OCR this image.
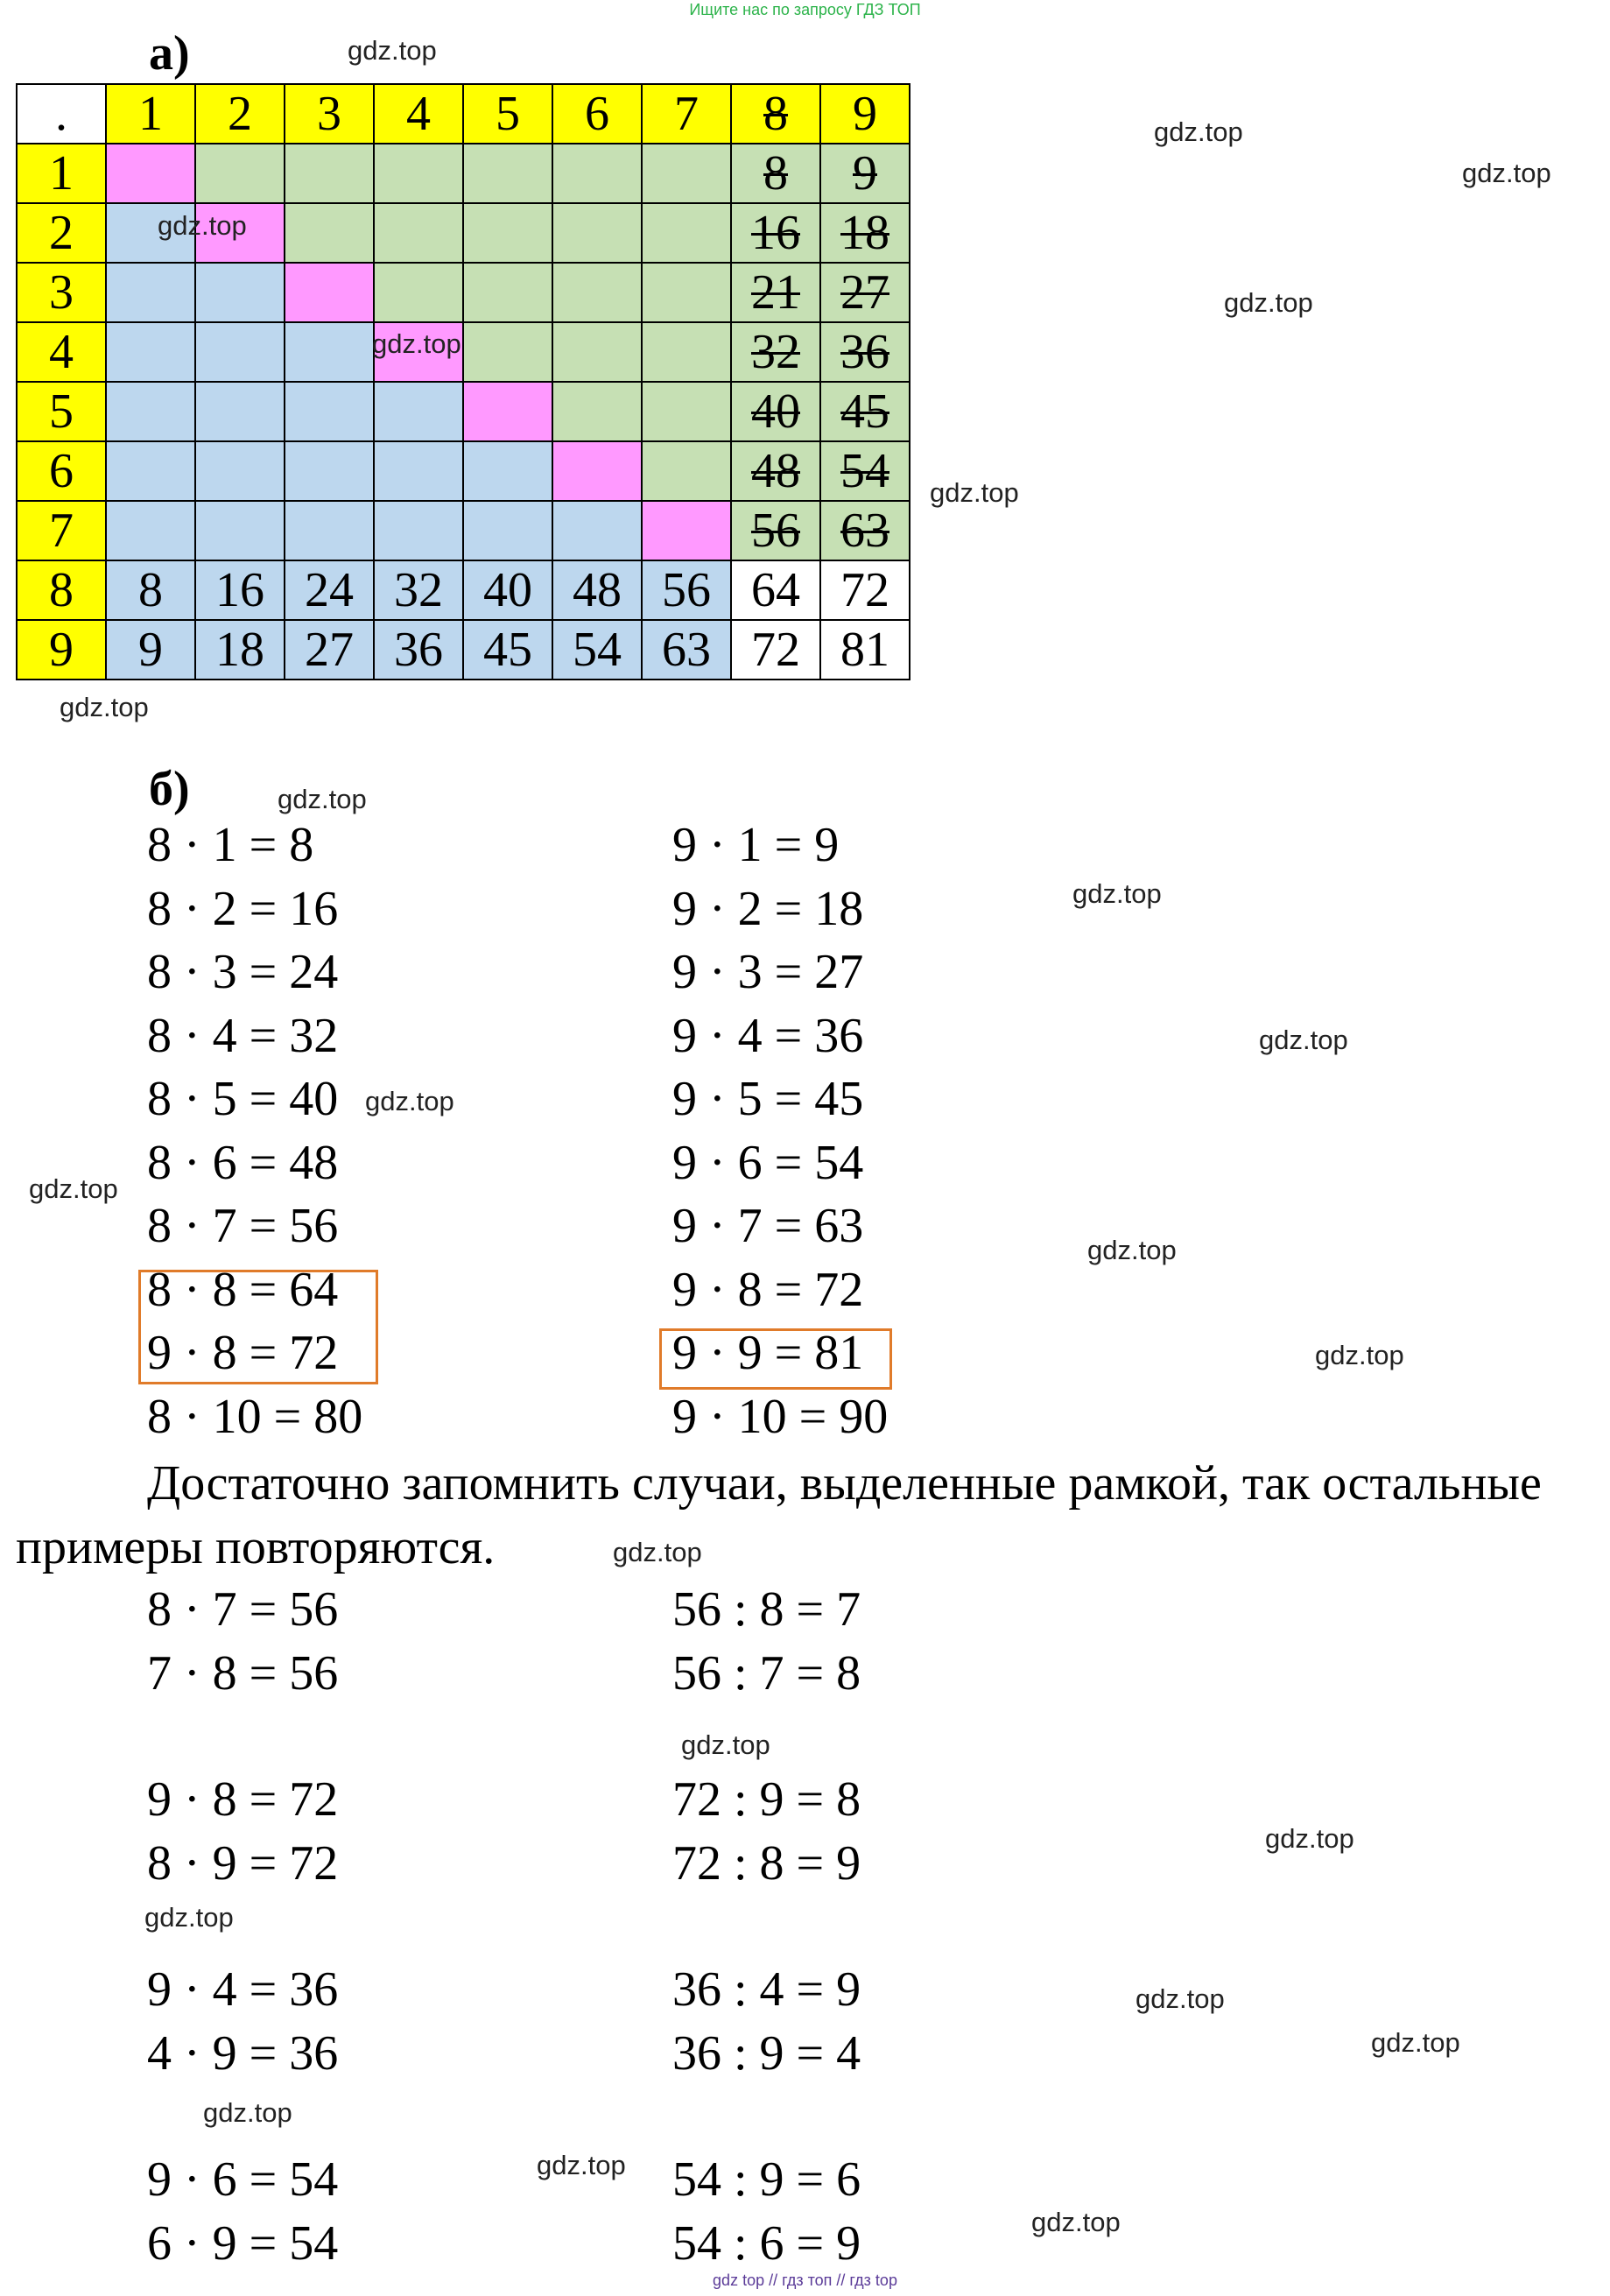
Ищите нас по запросу ГДЗ ТОП
а)
.	1	2	3	4	5	6	7	8	9
1								8	9
2								16	18
3								21	27
4								32	36
5								40	45
6								48	54
7								56	63
8	8	16	24	32	40	48	56	64	72
9	9	18	27	36	45	54	63	72	81
б)
8 · 1 = 8
8 · 2 = 16
8 · 3 = 24
8 · 4 = 32
8 · 5 = 40
8 · 6 = 48
8 · 7 = 56
8 · 8 = 64
9 · 8 = 72
8 · 10 = 80
9 · 1 = 9
9 · 2 = 18
9 · 3 = 27
9 · 4 = 36
9 · 5 = 45
9 · 6 = 54
9 · 7 = 63
9 · 8 = 72
9 · 9 = 81
9 · 10 = 90
Достаточно запомнить случаи, выделенные рамкой, так остальные
примеры повторяются.
8 · 7 = 56
7 · 8 = 56
56 : 8 = 7
56 : 7 = 8
9 · 8 = 72
8 · 9 = 72
72 : 9 = 8
72 : 8 = 9
9 · 4 = 36
4 · 9 = 36
36 : 4 = 9
36 : 9 = 4
9 · 6 = 54
6 · 9 = 54
54 : 9 = 6
54 : 6 = 9
gdz.top
gdz.top
gdz.top
gdz.top
gdz.top
gdz.top
gdz.top
gdz.top
gdz.top
gdz.top
gdz.top
gdz.top
gdz.top
gdz.top
gdz.top
gdz.top
gdz.top
gdz.top
gdz.top
gdz.top
gdz.top
gdz.top
gdz.top
gdz.top
gdz top // гдз топ // гдз top
